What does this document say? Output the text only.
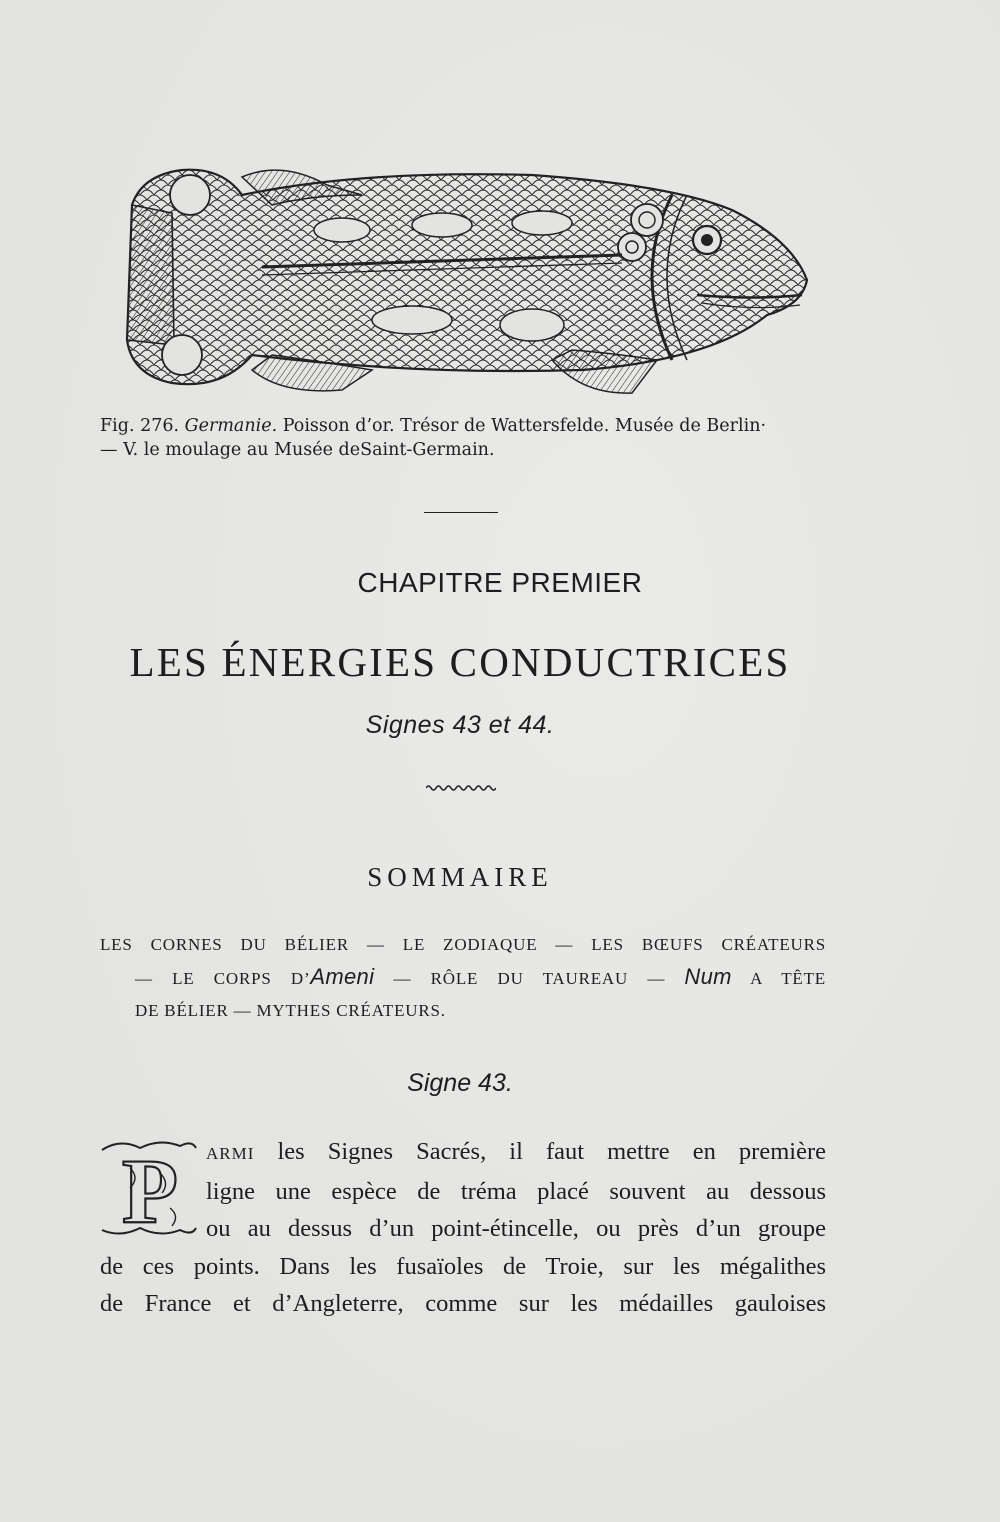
Fig. 276. Germanie. Poisson d’or. Trésor de Wattersfelde. Musée de Berlin·
— V. le moulage au Musée deSaint-Germain.
CHAPITRE PREMIER
LES ÉNERGIES CONDUCTRICES
Signes 43 et 44.
SOMMAIRE
LES CORNES DU BÉLIER — LE ZODIAQUE — LES BŒUFS CRÉATEURS
— LE CORPS D’Ameni — RÔLE DU TAUREAU — Num A TÊTE
DE BÉLIER — MYTHES CRÉATEURS.
Signe 43.
P	ARMI les Signes Sacrés, il faut mettre en première
ligne une espèce de tréma placé souvent au dessous
ou au dessus d’un point-étincelle, ou près d’un groupe
de ces points. Dans les fusaïoles de Troie, sur les mégalithes
de France et d’Angleterre, comme sur les médailles gauloises
